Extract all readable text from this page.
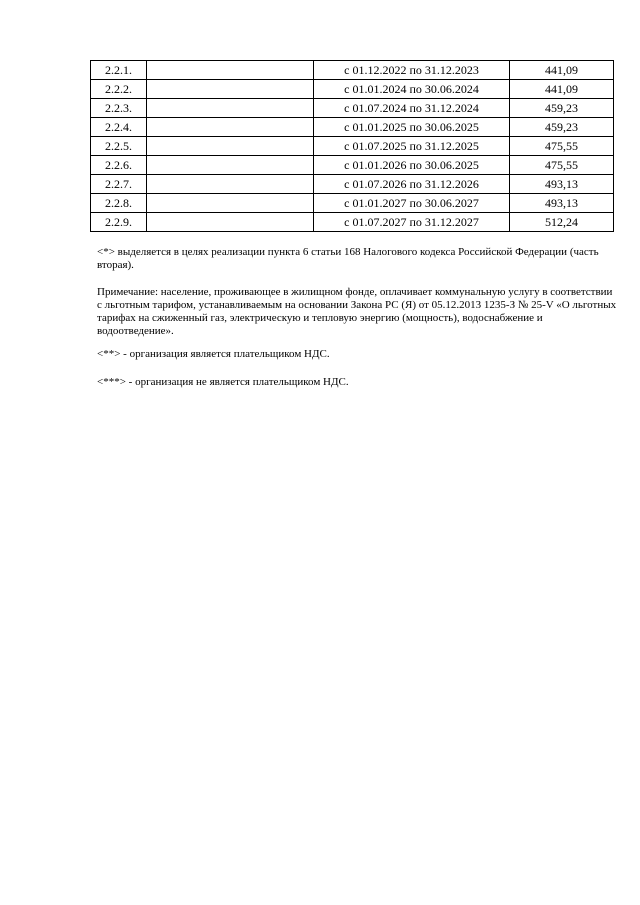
2.2.1.		с 01.12.2022 по 31.12.2023	441,09
2.2.2.		с 01.01.2024 по 30.06.2024	441,09
2.2.3.		с 01.07.2024 по 31.12.2024	459,23
2.2.4.		с 01.01.2025 по 30.06.2025	459,23
2.2.5.		с 01.07.2025 по 31.12.2025	475,55
2.2.6.		с 01.01.2026 по 30.06.2025	475,55
2.2.7.		с 01.07.2026 по 31.12.2026	493,13
2.2.8.		с 01.01.2027 по 30.06.2027	493,13
2.2.9.		с 01.07.2027 по 31.12.2027	512,24

<*> выделяется в целях реализации пункта 6 статьи 168 Налогового кодекса Российской Федерации (часть вторая).

Примечание: население, проживающее в жилищном фонде, оплачивает коммунальную услугу в соответствии с льготным тарифом, устанавливаемым на основании Закона РС (Я) от 05.12.2013 1235-З № 25-V «О льготных тарифах на сжиженный газ, электрическую и тепловую энергию (мощность), водоснабжение и водоотведение».

<**> - организация является плательщиком НДС.

<***> - организация не является плательщиком НДС.
